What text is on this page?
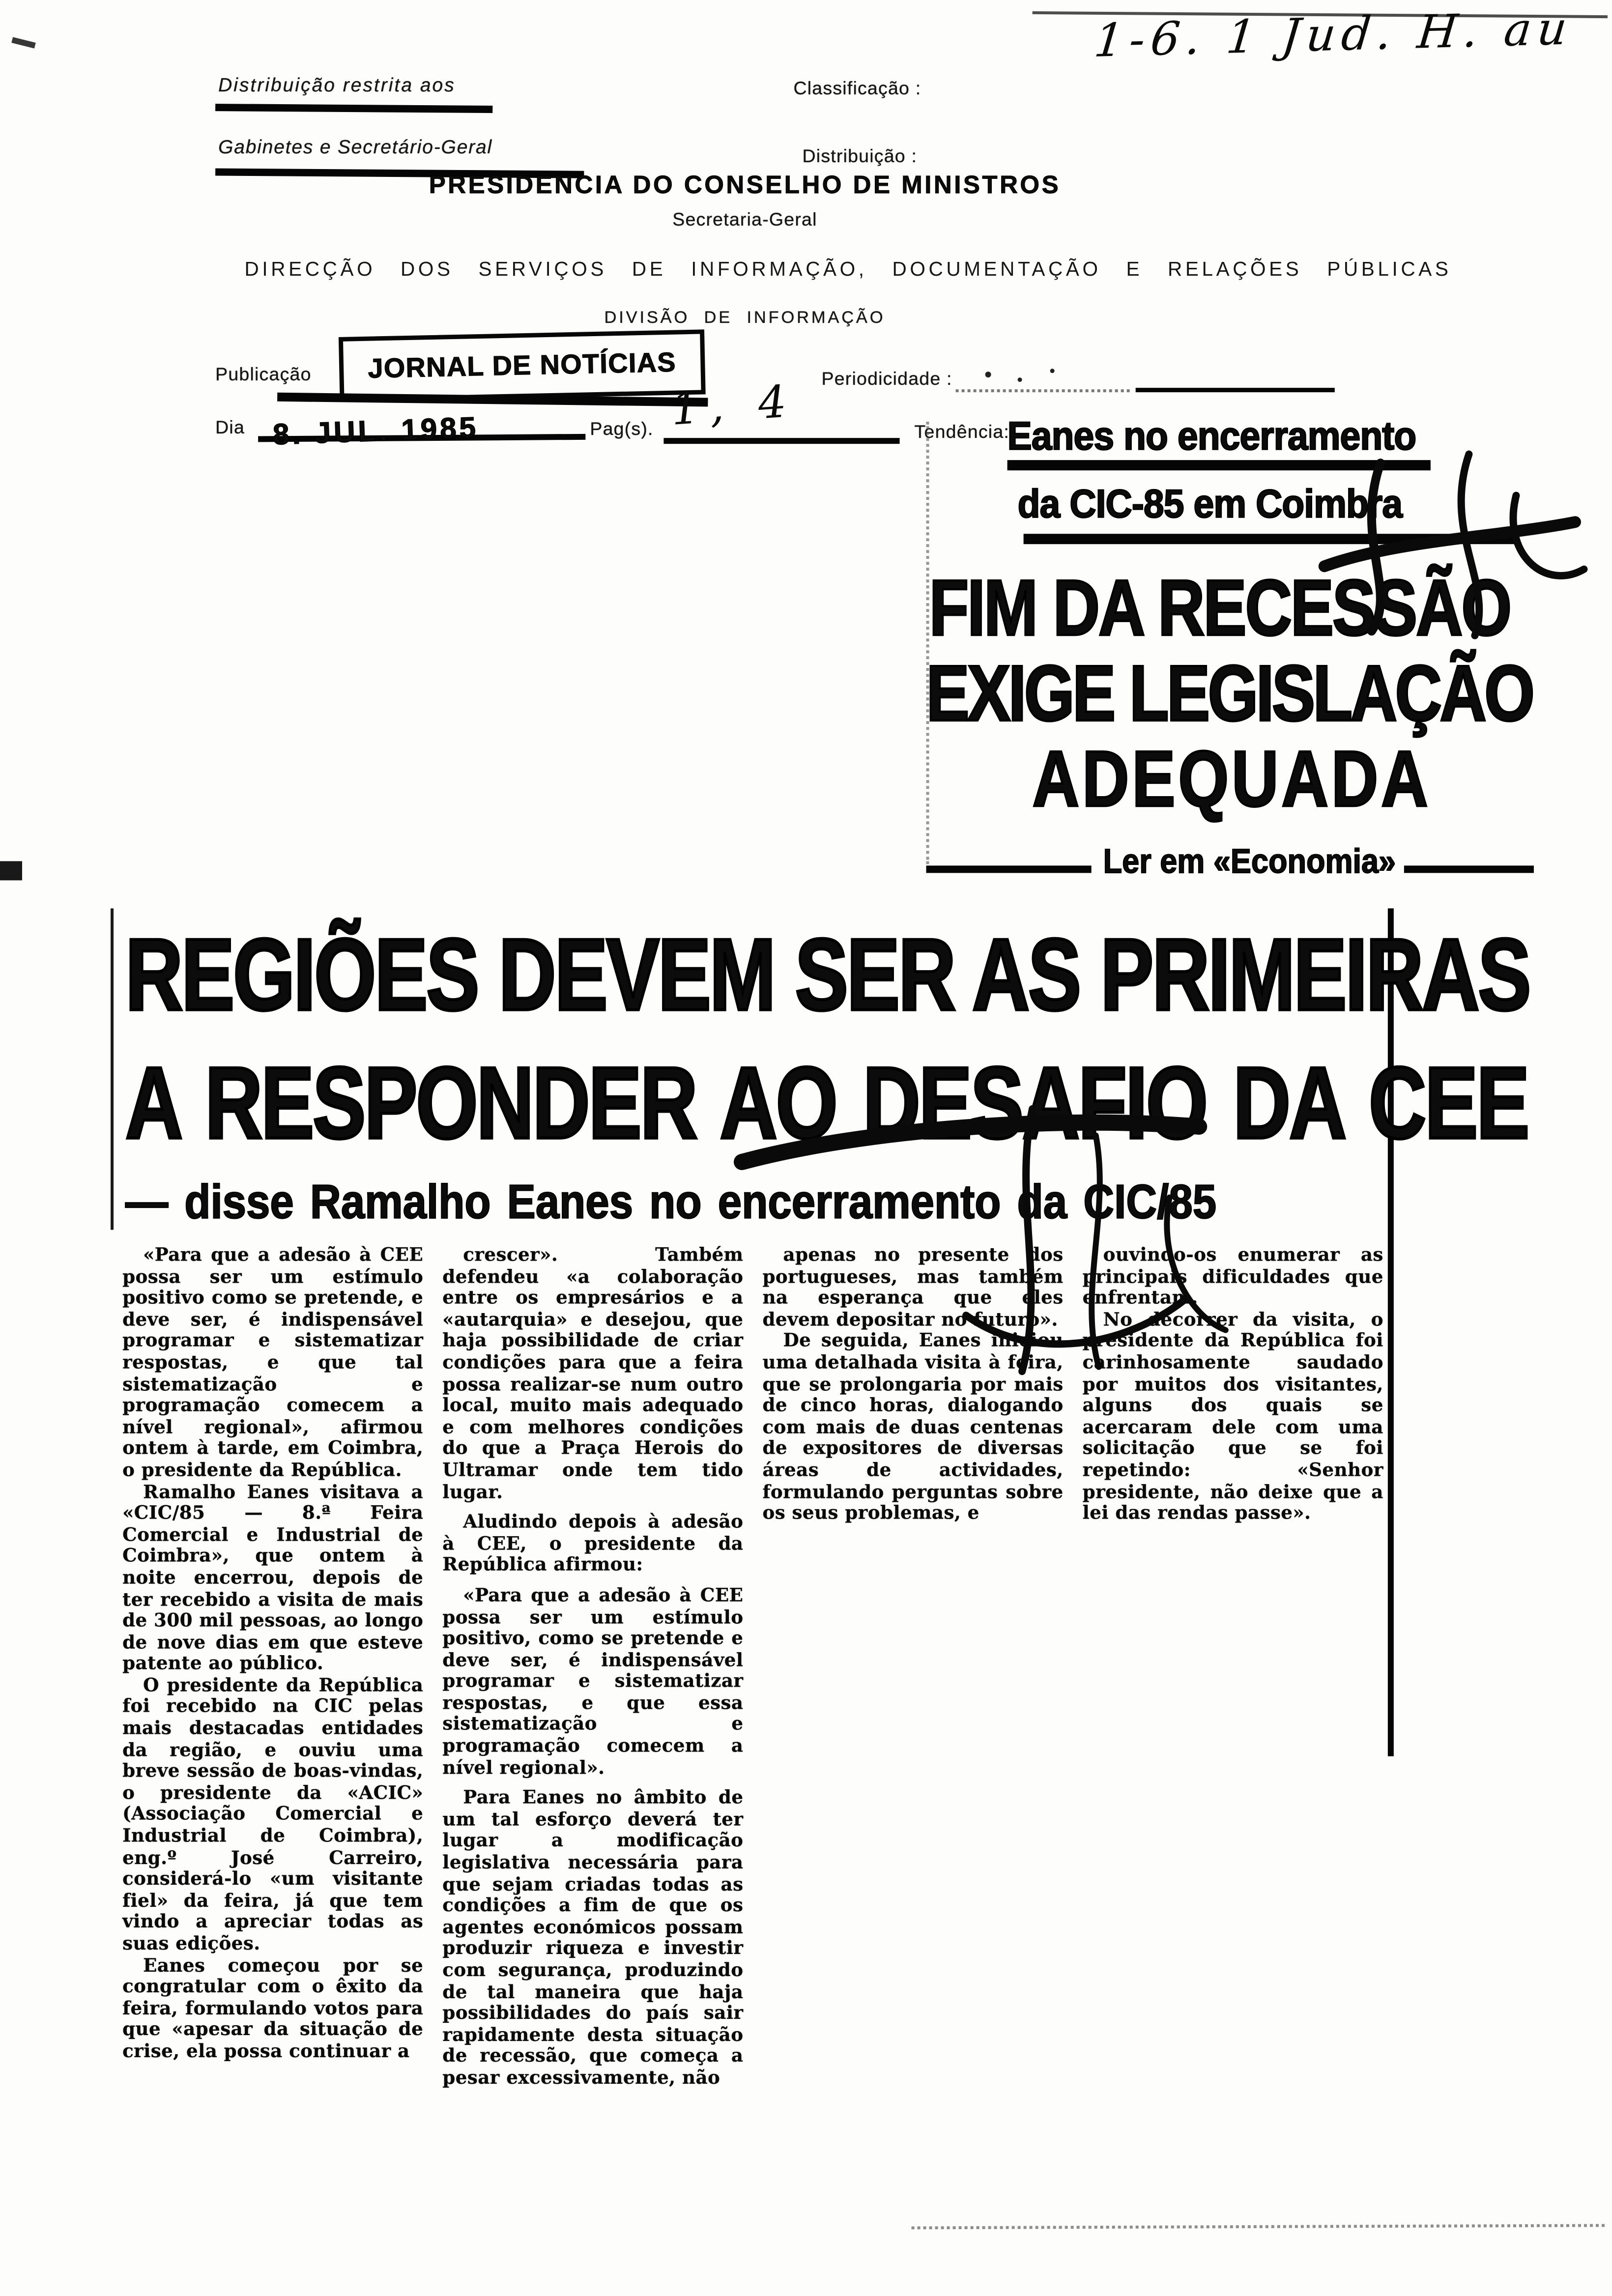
1-6. 1 Jud. H. au
Distribuição restrita aos
Gabinetes e Secretário-Geral
Classificação :
Distribuição :
PRESIDENCIA DO CONSELHO DE MINISTROS
Secretaria-Geral
DIRECÇÃO DOS SERVIÇOS DE INFORMAÇÃO, DOCUMENTAÇÃO E RELAÇÕES PÚBLICAS
DIVISÃO DE INFORMAÇÃO
Publicação	JORNAL DE NOTÍCIAS	Periodicidade :
Dia	8. JUL. 1985	Pag(s). 1, 4	Tendência:
Eanes no encerramento
da CIC-85 em Coimbra
FIM DA RECESSÃO
EXIGE LEGISLAÇÃO
ADEQUADA
Ler em «Economia»
REGIÕES DEVEM SER AS PRIMEIRAS
A RESPONDER AO DESAFIO DA CEE
— disse Ramalho Eanes no encerramento da CIC/85

«Para que a adesão à CEE possa ser um estímulo positivo como se pretende, e deve ser, é indispensável programar e sistematizar respostas, e que tal sistematização e programação comecem a nível regional», afirmou ontem à tarde, em Coimbra, o presidente da República.

Ramalho Eanes visitava a «CIC/85 — 8.ª Feira Comercial e Industrial de Coimbra», que ontem à noite encerrou, depois de ter recebido a visita de mais de 300 mil pessoas, ao longo de nove dias em que esteve patente ao público.

O presidente da República foi recebido na CIC pelas mais destacadas entidades da região, e ouviu uma breve sessão de boas-vindas, o presidente da «ACIC» (Associação Comercial e Industrial de Coimbra), eng.º José Carreiro, considerá-lo «um visitante fiel» da feira, já que tem vindo a apreciar todas as suas edições.

Eanes começou por se congratular com o êxito da feira, formulando votos para que «apesar da situação de crise, ela possa continuar a

crescer». Também defendeu «a colaboração entre os empresários e a «autarquia» e desejou, que haja possibilidade de criar condições para que a feira possa realizar-se num outro local, muito mais adequado e com melhores condições do que a Praça Herois do Ultramar onde tem tido lugar.

Aludindo depois à adesão à CEE, o presidente da República afirmou:

«Para que a adesão à CEE possa ser um estímulo positivo, como se pretende e deve ser, é indispensável programar e sistematizar respostas, e que essa sistematização e programação comecem a nível regional».

Para Eanes no âmbito de um tal esforço deverá ter lugar a modificação legislativa necessária para que sejam criadas todas as condições a fim de que os agentes económicos possam produzir riqueza e investir com segurança, produzindo de tal maneira que haja possibilidades do país sair rapidamente desta situação de recessão, que começa a pesar excessivamente, não

apenas no presente dos portugueses, mas também na esperança que eles devem depositar no futuro».

De seguida, Eanes iniciou uma detalhada visita à feira, que se prolongaria por mais de cinco horas, dialogando com mais de duas centenas de expositores de diversas áreas de actividades, formulando perguntas sobre os seus problemas, e

ouvindo-os enumerar as principais dificuldades que enfrentam.

No decorrer da visita, o presidente da República foi carinhosamente saudado por muitos dos visitantes, alguns dos quais se acercaram dele com uma solicitação que se foi repetindo: «Senhor presidente, não deixe que a lei das rendas passe».
